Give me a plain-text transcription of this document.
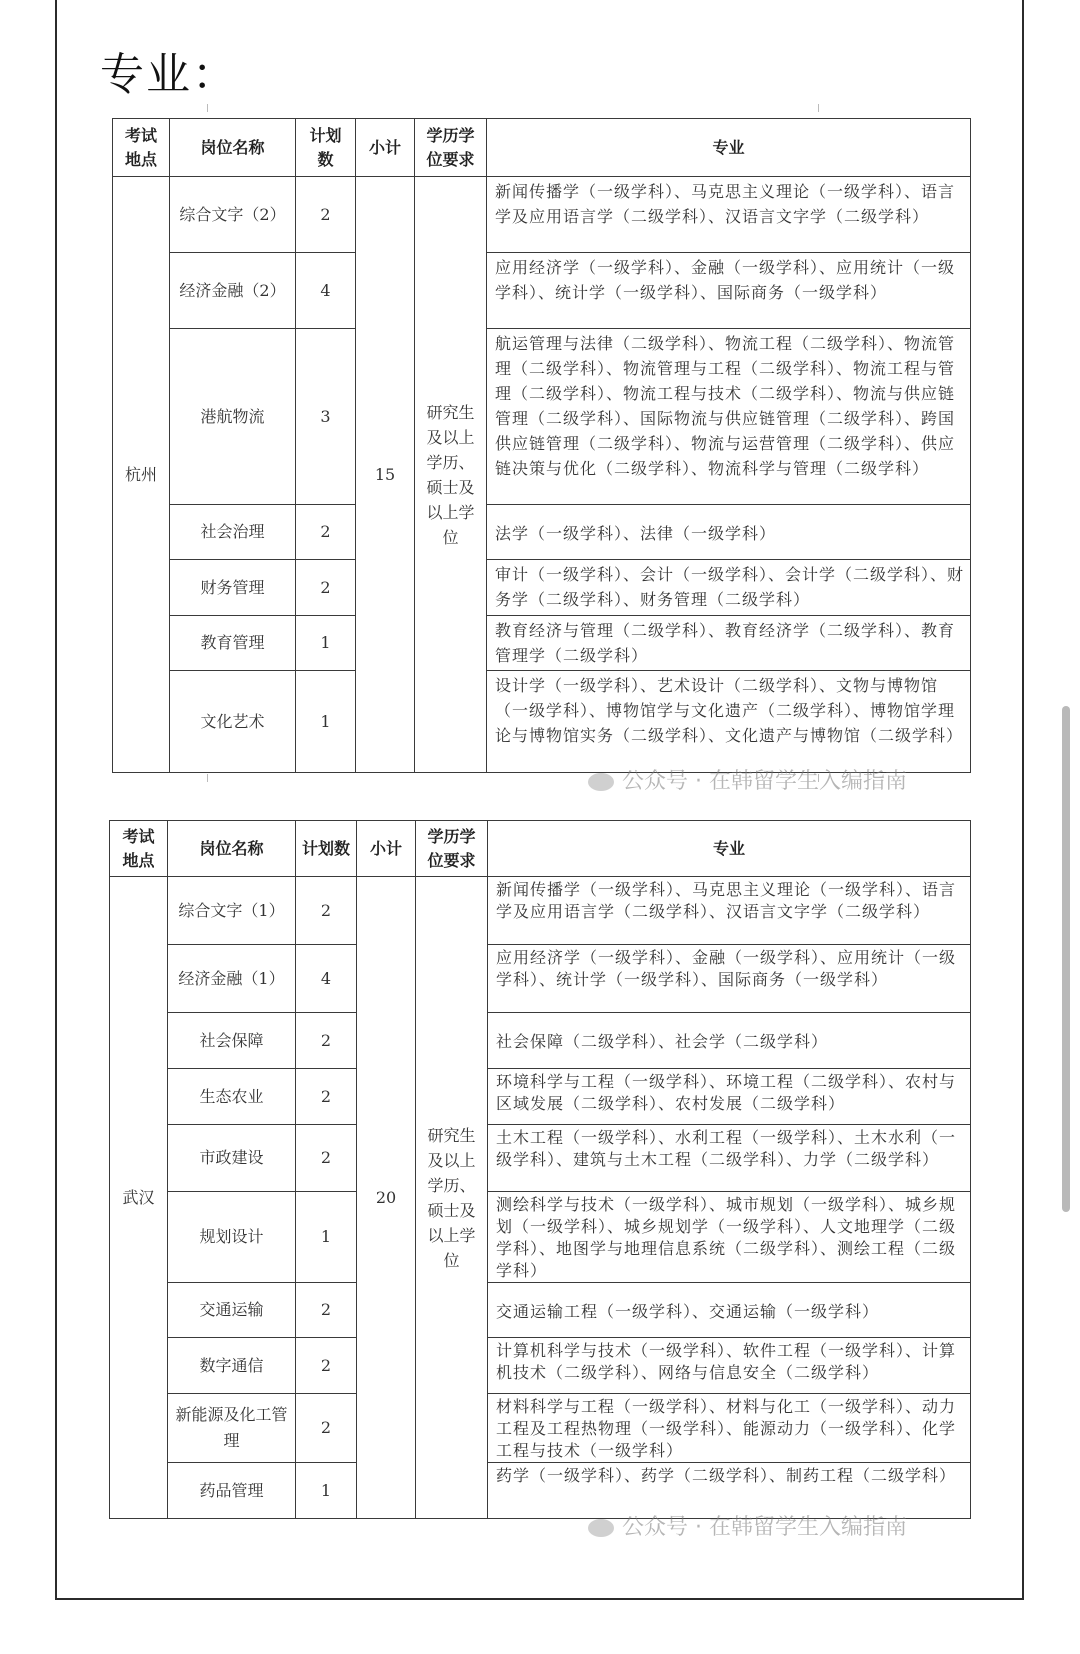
专业：
考试地点	岗位名称	计划数	小计	学历学位要求	专业
杭州	综合文字（2）	2	15	研究生及以上学历、硕士及以上学位	新闻传播学（一级学科）、马克思主义理论（一级学科）、语言学及应用语言学（二级学科）、汉语言文字学（二级学科）
	经济金融（2）	4			应用经济学（一级学科）、金融（一级学科）、应用统计（一级学科）、统计学（一级学科）、国际商务（一级学科）
	港航物流	3			航运管理与法律（二级学科）、物流工程（二级学科）、物流管理（二级学科）、物流管理与工程（二级学科）、物流工程与管理（二级学科）、物流工程与技术（二级学科）、物流与供应链管理（二级学科）、国际物流与供应链管理（二级学科）、跨国供应链管理（二级学科）、物流与运营管理（二级学科）、供应链决策与优化（二级学科）、物流科学与管理（二级学科）
	社会治理	2			法学（一级学科）、法律（一级学科）
	财务管理	2			审计（一级学科）、会计（一级学科）、会计学（二级学科）、财务学（二级学科）、财务管理（二级学科）
	教育管理	1			教育经济与管理（二级学科）、教育经济学（二级学科）、教育管理学（二级学科）
	文化艺术	1			设计学（一级学科）、艺术设计（二级学科）、文物与博物馆（一级学科）、博物馆学与文化遗产（二级学科）、博物馆学理论与博物馆实务（二级学科）、文化遗产与博物馆（二级学科）
考试地点	岗位名称	计划数	小计	学历学位要求	专业
武汉	综合文字（1）	2	20	研究生及以上学历、硕士及以上学位	新闻传播学（一级学科）、马克思主义理论（一级学科）、语言学及应用语言学（二级学科）、汉语言文字学（二级学科）
	经济金融（1）	4			应用经济学（一级学科）、金融（一级学科）、应用统计（一级学科）、统计学（一级学科）、国际商务（一级学科）
	社会保障	2			社会保障（二级学科）、社会学（二级学科）
	生态农业	2			环境科学与工程（一级学科）、环境工程（二级学科）、农村与区域发展（二级学科）、农村发展（二级学科）
	市政建设	2			土木工程（一级学科）、水利工程（一级学科）、土木水利（一级学科）、建筑与土木工程（二级学科）、力学（二级学科）
	规划设计	1			测绘科学与技术（一级学科）、城市规划（一级学科）、城乡规划（一级学科）、城乡规划学（一级学科）、人文地理学（二级学科）、地图学与地理信息系统（二级学科）、测绘工程（二级学科）
	交通运输	2			交通运输工程（一级学科）、交通运输（一级学科）
	数字通信	2			计算机科学与技术（一级学科）、软件工程（一级学科）、计算机技术（二级学科）、网络与信息安全（二级学科）
	新能源及化工管理	2			材料科学与工程（一级学科）、材料与化工（一级学科）、动力工程及工程热物理（一级学科）、能源动力（一级学科）、化学工程与技术（一级学科）
	药品管理	1			药学（一级学科）、药学（二级学科）、制药工程（二级学科）
公众号 · 在韩留学生入编指南
公众号 · 在韩留学生入编指南
